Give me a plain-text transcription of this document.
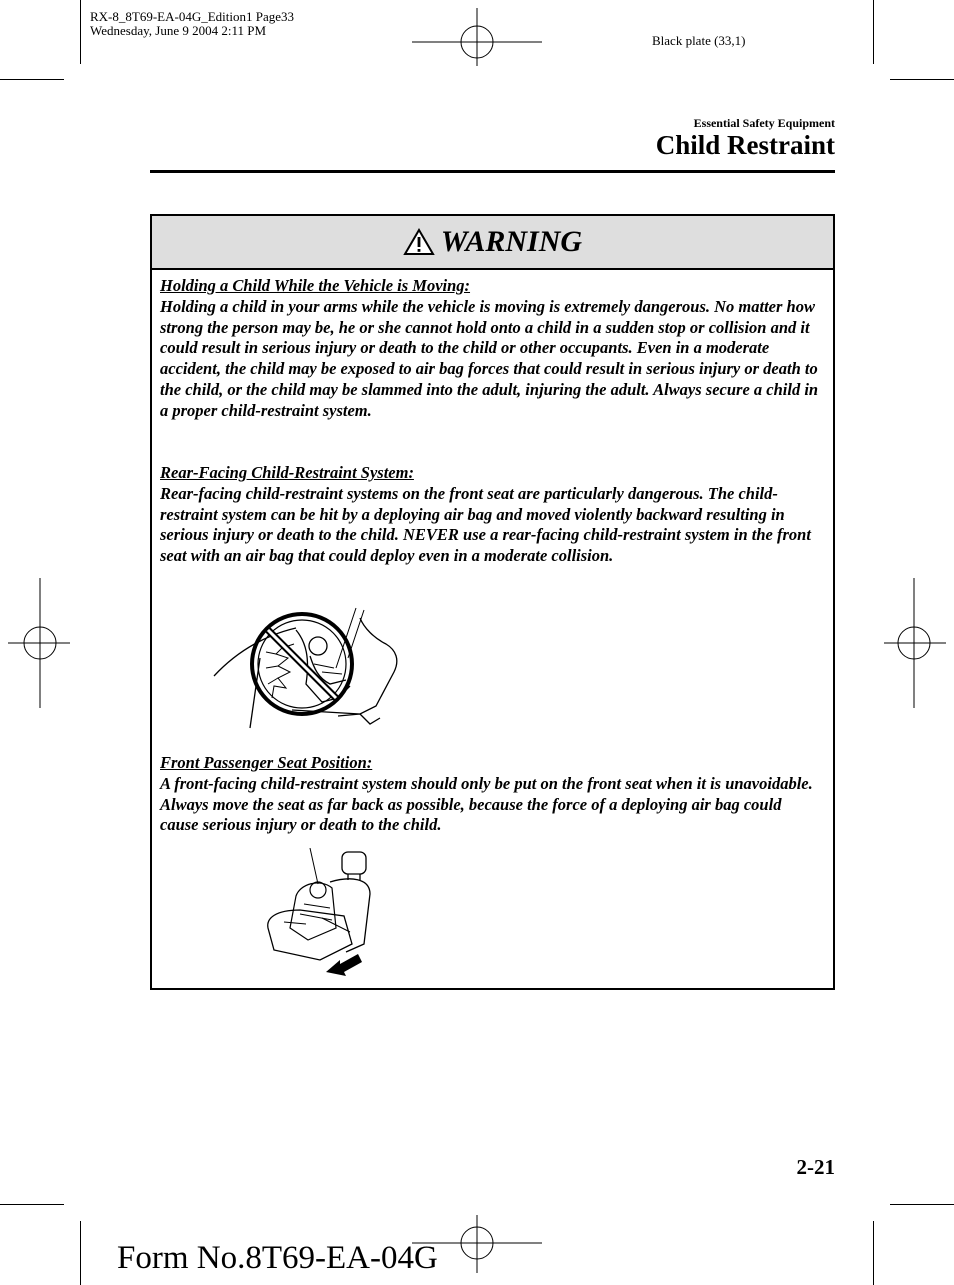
RX-8_8T69-EA-04G_Edition1 Page33
Wednesday, June 9 2004 2:11 PM
Black plate (33,1)
Essential Safety Equipment
Child Restraint
WARNING
Holding a Child While the Vehicle is Moving:
Holding a child in your arms while the vehicle is moving is extremely dangerous. No matter how strong the person may be, he or she cannot hold onto a child in a sudden stop or collision and it could result in serious injury or death to the child or other occupants. Even in a moderate accident, the child may be exposed to air bag forces that could result in serious injury or death to the child, or the child may be slammed into the adult, injuring the adult. Always secure a child in a proper child-restraint system.
Rear-Facing Child-Restraint System:
Rear-facing child-restraint systems on the front seat are particularly dangerous. The child-restraint system can be hit by a deploying air bag and moved violently backward resulting in serious injury or death to the child. NEVER use a rear-facing child-restraint system in the front seat with an air bag that could deploy even in a moderate collision.
Front Passenger Seat Position:
A front-facing child-restraint system should only be put on the front seat when it is unavoidable. Always move the seat as far back as possible, because the force of a deploying air bag could cause serious injury or death to the child.
2-21
Form No.8T69-EA-04G
